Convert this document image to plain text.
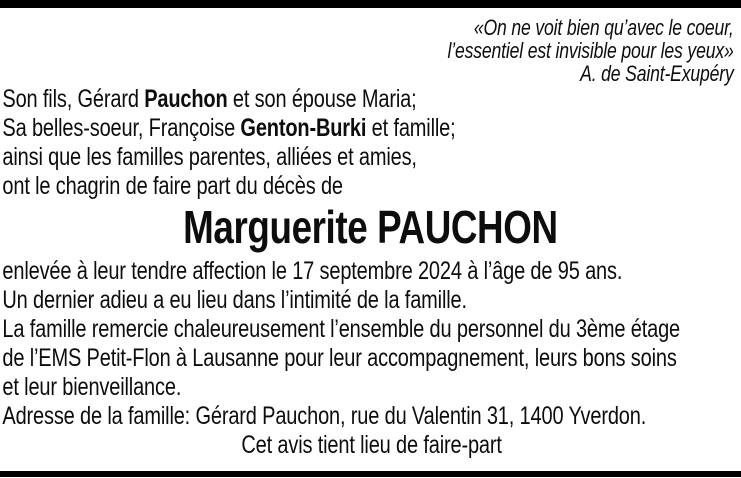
«On ne voit bien qu’avec le coeur,
l’essentiel est invisible pour les yeux»
A. de Saint-Exupéry
Son fils, Gérard Pauchon et son épouse Maria;
Sa belles-soeur, Françoise Genton-Burki et famille;
ainsi que les familles parentes, alliées et amies,
ont le chagrin de faire part du décès de
Marguerite PAUCHON
enlevée à leur tendre affection le 17 septembre 2024 à l’âge de 95 ans.
Un dernier adieu a eu lieu dans l’intimité de la famille.
La famille remercie chaleureusement l’ensemble du personnel du 3ème étage
de l’EMS Petit-Flon à Lausanne pour leur accompagnement, leurs bons soins
et leur bienveillance.
Adresse de la famille: Gérard Pauchon, rue du Valentin 31, 1400 Yverdon.
Cet avis tient lieu de faire-part
